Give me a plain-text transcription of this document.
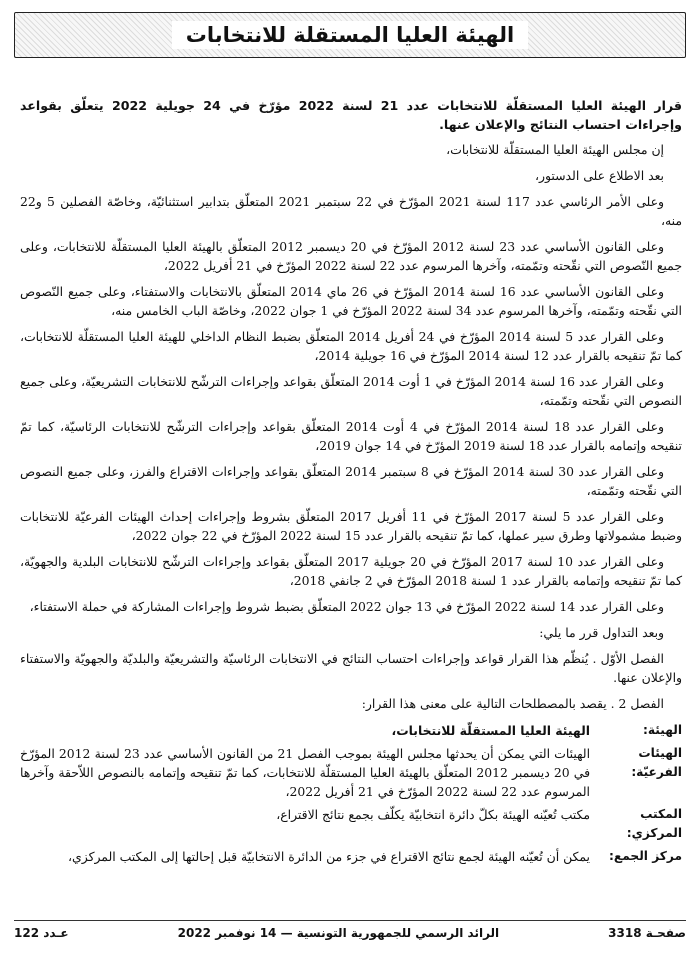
الهيئة العليا المستقلة للانتخابات

قرار الهيئة العليا المستقلّة للانتخابات عدد 21 لسنة 2022 مؤرّخ في 24 جويلية 2022 يتعلّق بقواعد وإجراءات احتساب النتائج والإعلان عنها.

إن مجلس الهيئة العليا المستقلّة للانتخابات،

بعد الاطلاع على الدستور،

وعلى الأمر الرئاسي عدد 117 لسنة 2021 المؤرّخ في 22 سبتمبر 2021 المتعلّق بتدابير استثنائيّة، وخاصّة الفصلين 5 و22 منه،

وعلى القانون الأساسي عدد 23 لسنة 2012 المؤرّخ في 20 ديسمبر 2012 المتعلّق بالهيئة العليا المستقلّة للانتخابات، وعلى جميع النّصوص التي نقّحته وتمّمته، وآخرها المرسوم عدد 22 لسنة 2022 المؤرّخ في 21 أفريل 2022،

وعلى القانون الأساسي عدد 16 لسنة 2014 المؤرّخ في 26 ماي 2014 المتعلّق بالانتخابات والاستفتاء، وعلى جميع النّصوص التي نقّحته وتمّمته، وآخرها المرسوم عدد 34 لسنة 2022 المؤرّخ في 1 جوان 2022، وخاصّة الباب الخامس منه،

وعلى القرار عدد 5 لسنة 2014 المؤرّخ في 24 أفريل 2014 المتعلّق بضبط النظام الداخلي للهيئة العليا المستقلّة للانتخابات، كما تمّ تنقيحه بالقرار عدد 12 لسنة 2014 المؤرّخ في 16 جويلية 2014،

وعلى القرار عدد 16 لسنة 2014 المؤرّخ في 1 أوت 2014 المتعلّق بقواعد وإجراءات الترشّح للانتخابات التشريعيّة، وعلى جميع النصوص التي نقّحته وتمّمته،

وعلى القرار عدد 18 لسنة 2014 المؤرّخ في 4 أوت 2014 المتعلّق بقواعد وإجراءات الترشّح للانتخابات الرئاسيّة، كما تمّ تنقيحه وإتمامه بالقرار عدد 18 لسنة 2019 المؤرّخ في 14 جوان 2019،

وعلى القرار عدد 30 لسنة 2014 المؤرّخ في 8 سبتمبر 2014 المتعلّق بقواعد وإجراءات الاقتراع والفرز، وعلى جميع النصوص التي نقّحته وتمّمته،

وعلى القرار عدد 5 لسنة 2017 المؤرّخ في 11 أفريل 2017 المتعلّق بشروط وإجراءات إحداث الهيئات الفرعيّة للانتخابات وضبط مشمولاتها وطرق سير عملها، كما تمّ تنقيحه بالقرار عدد 15 لسنة 2022 المؤرّخ في 22 جوان 2022،

وعلى القرار عدد 10 لسنة 2017 المؤرّخ في 20 جويلية 2017 المتعلّق بقواعد وإجراءات الترشّح للانتخابات البلدية والجهويّة، كما تمّ تنقيحه وإتمامه بالقرار عدد 1 لسنة 2018 المؤرّخ في 2 جانفي 2018،

وعلى القرار عدد 14 لسنة 2022 المؤرّخ في 13 جوان 2022 المتعلّق بضبط شروط وإجراءات المشاركة في حملة الاستفتاء،

وبعد التداول قرر ما يلي:

الفصل الأوّل . يُنظّم هذا القرار قواعد وإجراءات احتساب النتائج في الانتخابات الرئاسيّة والتشريعيّة والبلديّة والجهويّة والاستفتاء والإعلان عنها.

الفصل 2 . يقصد بالمصطلحات التالية على معنى هذا القرار:

الهيئة:
الهيئة العليا المستقلّة للانتخابات،
الهيئات الفرعيّة:
الهيئات التي يمكن أن يحدثها مجلس الهيئة بموجب الفصل 21 من القانون الأساسي عدد 23 لسنة 2012 المؤرّخ في 20 ديسمبر 2012 المتعلّق بالهيئة العليا المستقلّة للانتخابات، كما تمّ تنقيحه وإتمامه بالنصوص اللاّحقة وآخرها المرسوم عدد 22 لسنة 2022 المؤرّخ في 21 أفريل 2022،
المكتب المركزي:
مكتب تُعيّنه الهيئة بكلّ دائرة انتخابيّة يكلّف بجمع نتائج الاقتراع،
مركز الجمع:
يمكن أن تُعيّنه الهيئة لجمع نتائج الاقتراع في جزء من الدائرة الانتخابيّة قبل إحالتها إلى المكتب المركزي،
صفحـة 3318
الرائد الرسمي للجمهورية التونسية — 14 نوفمبر 2022
عـدد 122
